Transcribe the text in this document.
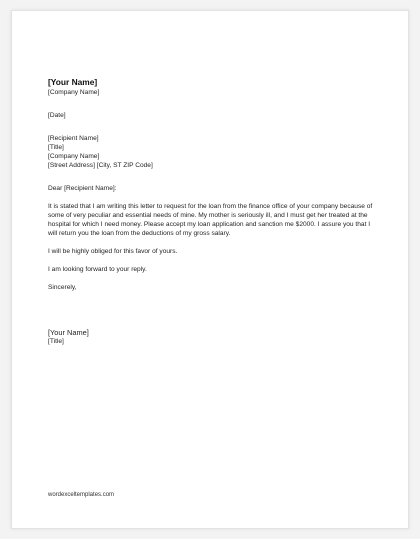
[Your Name]
[Company Name]
[Date]
[Recipient Name]
[Title]
[Company Name]
[Street Address] [City, ST ZIP Code]

Dear [Recipient Name]:

It is stated that I am writing this letter to request for the loan from the finance office of your company because of some of very peculiar and essential needs of mine. My mother is seriously ill, and I must get her treated at the hospital for which I need money. Please accept my loan application and sanction me $2000. I assure you that I will return you the loan from the deductions of my gross salary.

I will be highly obliged for this favor of yours.

I am looking forward to your reply.

Sincerely,

[Your Name]
[Title]
wordexceltemplates.com
